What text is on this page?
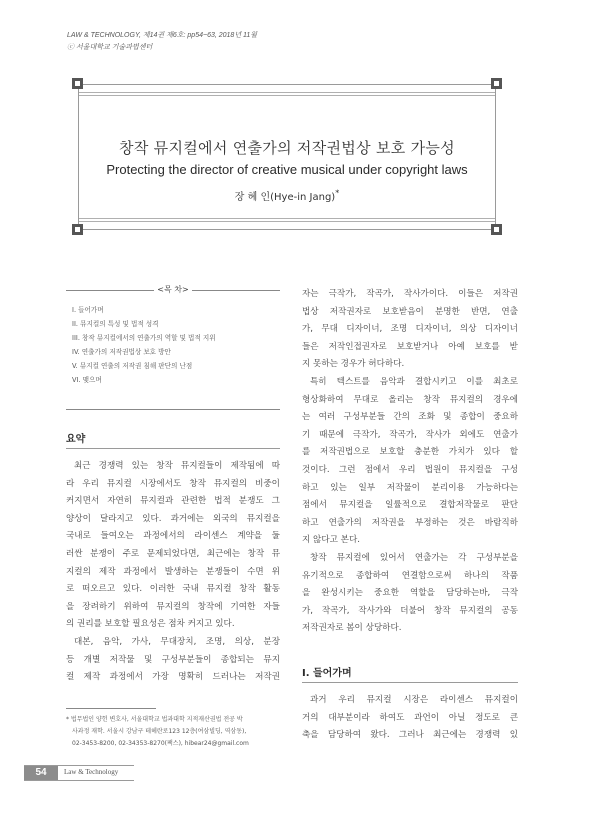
LAW & TECHNOLOGY, 제14권 제6호: pp54~63, 2018년 11월
ⓒ 서울대학교 기술과법센터
창작 뮤지컬에서 연출가의 저작권법상 보호 가능성
Protecting the director of creative musical under copyright laws
장 혜 인(Hye-in Jang)*
<목 차>
I. 들어가며
II. 뮤지컬의 특성 및 법적 성격
III. 창작 뮤지컬에서의 연출가의 역할 및 법적 지위
IV. 연출가의 저작권법상 보호 방안
V. 뮤지컬 연출의 저작권 침해 판단의 난점
VI. 맺으며
요약
최근 경쟁력 있는 창작 뮤지컬들이 제작됨에 따
라 우리 뮤지컬 시장에서도 창작 뮤지컬의 비중이
커지면서 자연히 뮤지컬과 관련한 법적 분쟁도 그
양상이 달라지고 있다. 과거에는 외국의 뮤지컬을
국내로 들여오는 과정에서의 라이센스 계약을 둘
러싼 분쟁이 주로 문제되었다면, 최근에는 창작 뮤
지컬의 제작 과정에서 발생하는 분쟁들이 수면 위
로 떠오르고 있다. 이러한 국내 뮤지컬 창작 활동
을 장려하기 위하여 뮤지컬의 창작에 기여한 자들
의 권리를 보호할 필요성은 점차 커지고 있다.
대본, 음악, 가사, 무대장치, 조명, 의상, 분장
등 개별 저작물 및 구성부분들이 종합되는 뮤지
컬 제작 과정에서 가장 명확히 드러나는 저작권
자는 극작가, 작곡가, 작사가이다. 이들은 저작권
법상 저작권자로 보호받음이 분명한 반면, 연출
가, 무대 디자이너, 조명 디자이너, 의상 디자이너
들은 저작인접권자로 보호받거나 아예 보호를 받
지 못하는 경우가 허다하다.
특히 텍스트를 음악과 결합시키고 이를 최초로
형상화하여 무대로 올리는 창작 뮤지컬의 경우에
는 여러 구성부분들 간의 조화 및 종합이 중요하
기 때문에 극작가, 작곡가, 작사가 외에도 연출가
를 저작권법으로 보호할 충분한 가치가 있다 할
것이다. 그런 점에서 우리 법원이 뮤지컬을 구성
하고 있는 일부 저작물이 분리이용 가능하다는
점에서 뮤지컬을 일률적으로 결합저작물로 판단
하고 연출가의 저작권을 부정하는 것은 바람직하
지 않다고 본다.
창작 뮤지컬에 있어서 연출가는 각 구성부분을
유기적으로 종합하여 연결함으로써 하나의 작품
을 완성시키는 중요한 역할을 담당하는바, 극작
가, 작곡가, 작사가와 더불어 창작 뮤지컬의 공동
저작권자로 봄이 상당하다.
I. 들어가며
과거 우리 뮤지컬 시장은 라이센스 뮤지컬이
거의 대부분이라 하여도 과언이 아닐 정도로 큰
축을 담당하여 왔다. 그러나 최근에는 경쟁력 있
* 법무법인 양헌 변호사, 서울대학교 법과대학 지적재산권법 전공 박
사과정 재학. 서울시 강남구 테헤란로123 12층(여삼빌딩, 역삼동),
02-3453-8200, 02-34353-8270(팩스), hibear24@gmail.com
54	Law & Technology
